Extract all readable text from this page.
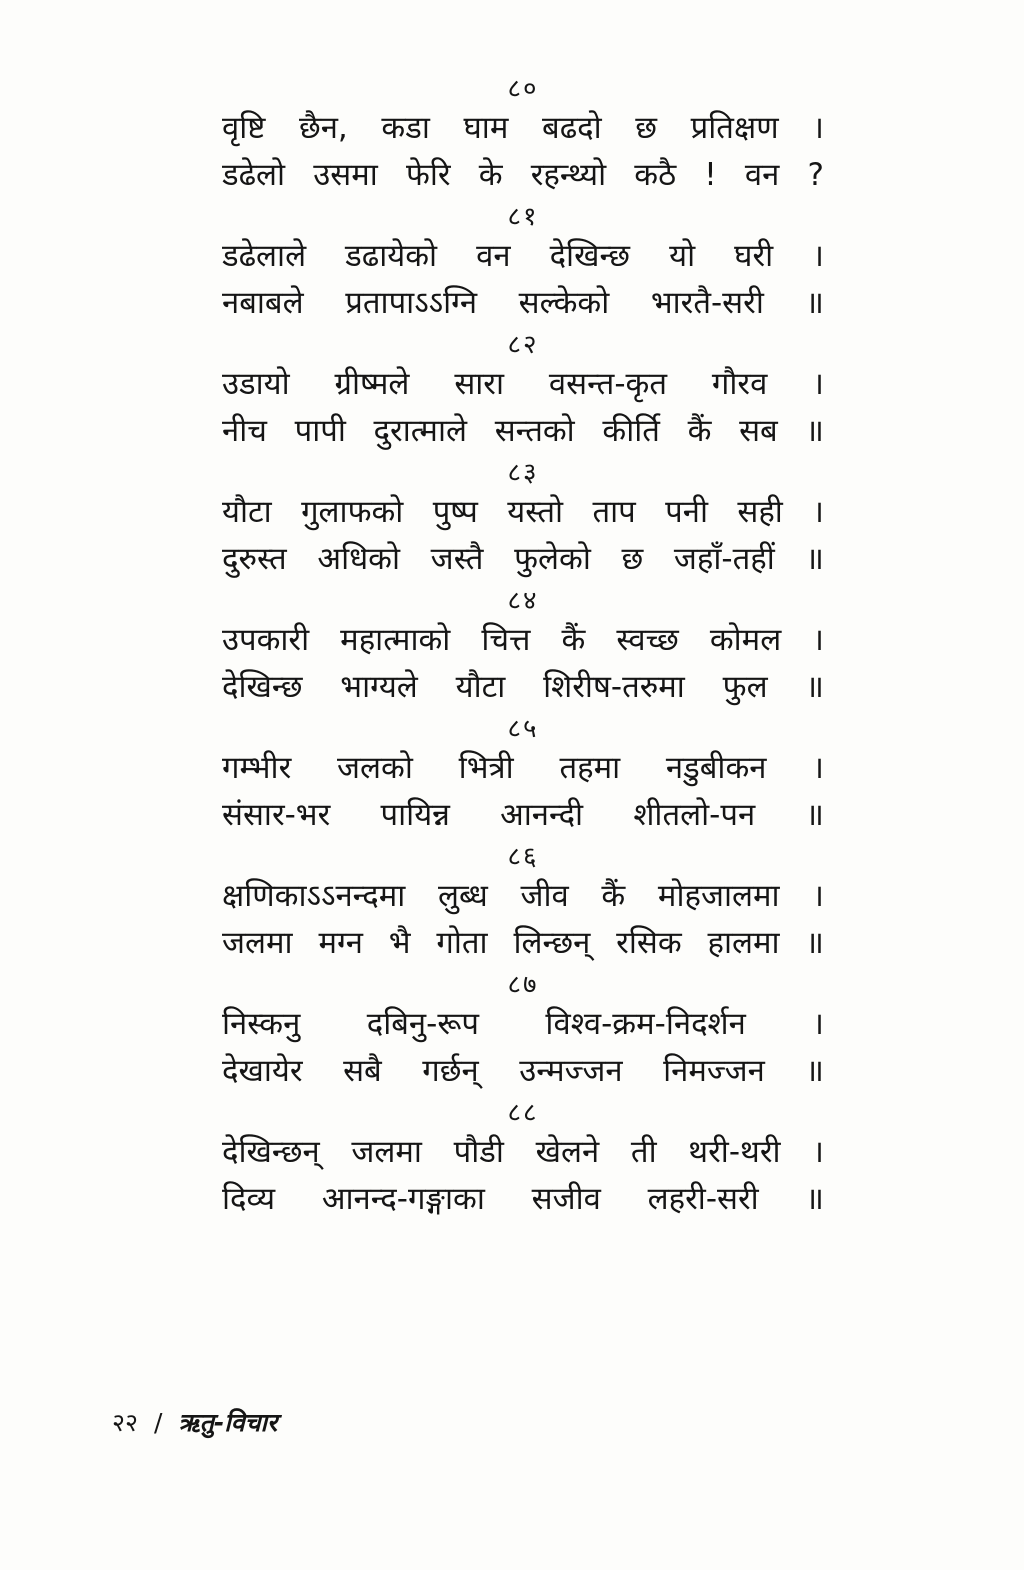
८०
वृष्टि छैन, कडा घाम बढदो छ प्रतिक्षण ।
डढेलो उसमा फेरि के रहन्थ्यो कठै ! वन ?
८१
डढेलाले डढायेको वन देखिन्छ यो घरी ।
नबाबले प्रतापाऽऽग्नि सल्केको भारतै-सरी ॥
८२
उडायो ग्रीष्मले सारा वसन्त-कृत गौरव ।
नीच पापी दुरात्माले सन्तको कीर्ति कैं सब ॥
८३
यौटा गुलाफको पुष्प यस्तो ताप पनी सही ।
दुरुस्त अधिको जस्तै फुलेको छ जहाँ-तहीं ॥
८४
उपकारी महात्माको चित्त कैं स्वच्छ कोमल ।
देखिन्छ भाग्यले यौटा शिरीष-तरुमा फुल ॥
८५
गम्भीर जलको भित्री तहमा नडुबीकन ।
संसार-भर पायिन्न आनन्दी शीतलो-पन ॥
८६
क्षणिकाऽऽनन्दमा लुब्ध जीव कैं मोहजालमा ।
जलमा मग्न भै गोता लिन्छन् रसिक हालमा ॥
८७
निस्कनु दबिनु-रूप विश्व-क्रम-निदर्शन ।
देखायेर सबै गर्छन् उन्मज्जन निमज्जन ॥
८८
देखिन्छन् जलमा पौडी खेलने ती थरी-थरी ।
दिव्य आनन्द-गङ्गाका सजीव लहरी-सरी ॥
२२ / ऋतु-विचार
